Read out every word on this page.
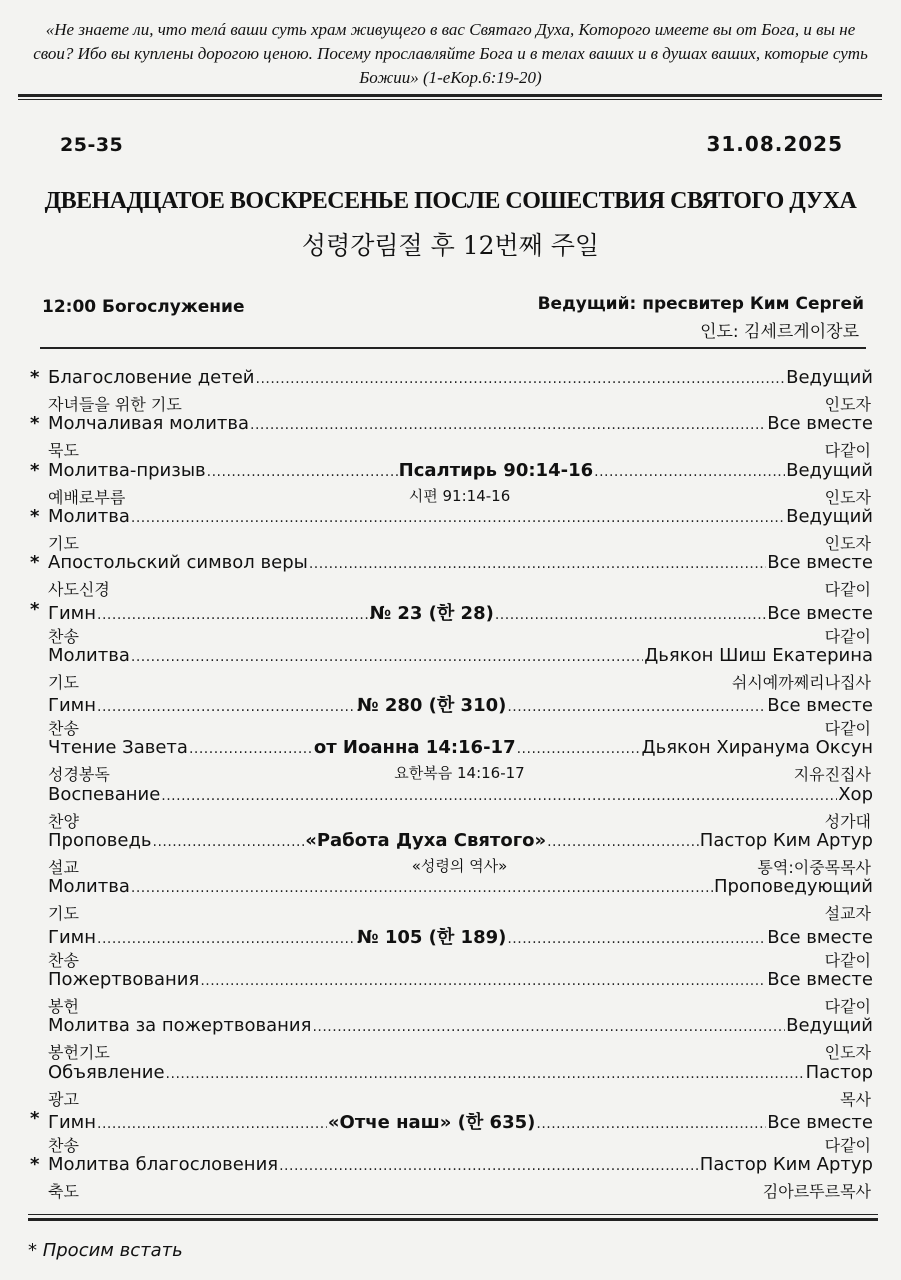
«Не знаете ли, что телá ваши суть храм живущего в вас Святаго Духа, Которого имеете вы от Бога, и вы не свои? Ибо вы куплены дорогою ценою. Посему прославляйте Бога и в телах ваших и в душах ваших, которые суть Божии» (1-еКор.6:19-20)
25-35	31.08.2025
ДВЕНАДЦАТОЕ ВОСКРЕСЕНЬЕ ПОСЛЕ СОШЕСТВИЯ СВЯТОГО ДУХА
성령강림절 후 12번째 주일
12:00 Богослужение	Ведущий: пресвитер Ким Сергей
인도: 김세르게이장로
* Благословение детей .....	Ведущий
자녀들을 위한 기도	인도자
* Молчаливая молитва .....	Все вместе
묵도	다같이
* Молитва-призыв .....	Псалтирь 90:14-16 .....	Ведущий
예배로부름	시편 91:14-16	인도자
* Молитва .....	Ведущий
기도	인도자
* Апостольский символ веры .....	Все вместе
사도신경	다같이
* Гимн .....	№ 23 (한 28) .....	Все вместе
찬송	다같이
Молитва .....	Дьякон Шиш Екатерина
기도	쉬시예까쩨리나집사
Гимн .....	№ 280 (한 310) .....	Все вместе
찬송	다같이
Чтение Завета .....	от Иоанна 14:16-17 .....	Дьякон Хиранума Оксун
성경봉독	요한복음 14:16-17	지유진집사
Воспевание .....	Хор
찬양	성가대
Проповедь .....	«Работа Духа Святого» .....	Пастор Ким Артур
설교	«성령의 역사»	통역:이중목목사
Молитва .....	Проповедующий
기도	설교자
Гимн .....	№ 105 (한 189) .....	Все вместе
찬송	다같이
Пожертвования .....	Все вместе
봉헌	다같이
Молитва за пожертвования .....	Ведущий
봉헌기도	인도자
Объявление .....	Пастор
광고	목사
* Гимн .....	«Отче наш» (한 635) .....	Все вместе
찬송	다같이
* Молитва благословения .....	Пастор Ким Артур
축도	김아르뚜르목사
* Просим встать
